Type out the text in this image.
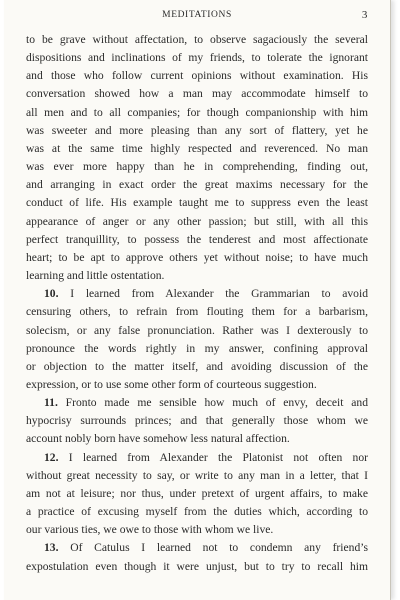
MEDITATIONS	3

to be grave without affectation, to observe sagaciously the several
dispositions and inclinations of my friends, to tolerate the ignorant
and those who follow current opinions without examination. His
conversation showed how a man may accommodate himself to
all men and to all companies; for though companionship with him
was sweeter and more pleasing than any sort of flattery, yet he
was at the same time highly respected and reverenced. No man
was ever more happy than he in comprehending, finding out,
and arranging in exact order the great maxims necessary for the
conduct of life. His example taught me to suppress even the least
appearance of anger or any other passion; but still, with all this
perfect tranquillity, to possess the tenderest and most affectionate
heart; to be apt to approve others yet without noise; to have much
learning and little ostentation.

10. I learned from Alexander the Grammarian to avoid
censuring others, to refrain from flouting them for a barbarism,
solecism, or any false pronunciation. Rather was I dexterously to
pronounce the words rightly in my answer, confining approval
or objection to the matter itself, and avoiding discussion of the
expression, or to use some other form of courteous suggestion.

11. Fronto made me sensible how much of envy, deceit and
hypocrisy surrounds princes; and that generally those whom we
account nobly born have somehow less natural affection.

12. I learned from Alexander the Platonist not often nor
without great necessity to say, or write to any man in a letter, that I
am not at leisure; nor thus, under pretext of urgent affairs, to make
a practice of excusing myself from the duties which, according to
our various ties, we owe to those with whom we live.

13. Of Catulus I learned not to condemn any friend’s
expostulation even though it were unjust, but to try to recall him
